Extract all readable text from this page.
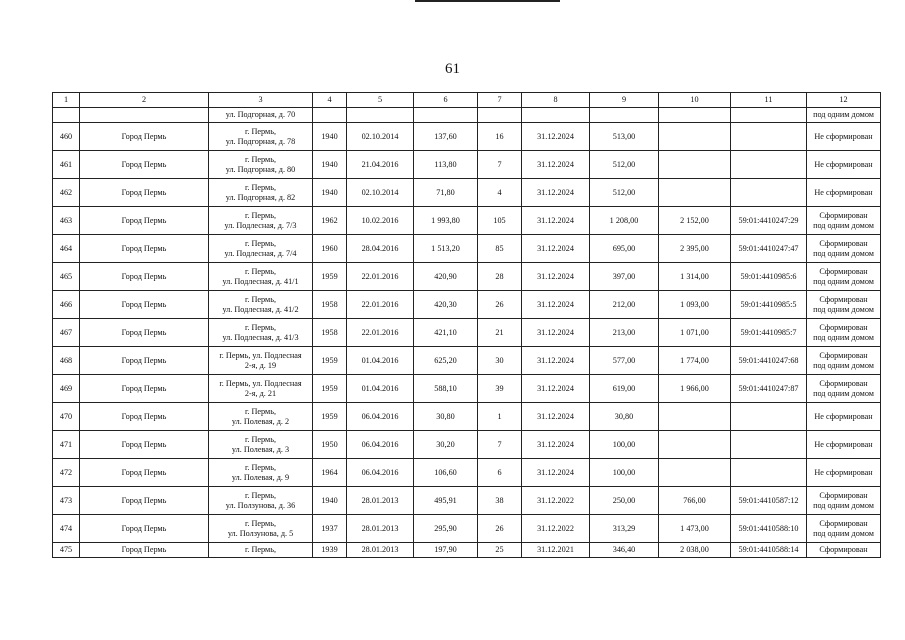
61
1	2	3	4	5	6	7	8	9	10	11	12
		ул. Подгорная, д. 70									под одним домом
460	Город Пермь	г. Пермь,
ул. Подгорная, д. 78	1940	02.10.2014	137,60	16	31.12.2024	513,00			Не сформирован

461	Город Пермь	г. Пермь,
ул. Подгорная, д. 80	1940	21.04.2016	113,80	7	31.12.2024	512,00			Не сформирован

462	Город Пермь	г. Пермь,
ул. Подгорная, д. 82	1940	02.10.2014	71,80	4	31.12.2024	512,00			Не сформирован

463	Город Пермь	г. Пермь,
ул. Подлесная, д. 7/3	1962	10.02.2016	1 993,80	105	31.12.2024	1 208,00	2 152,00	59:01:4410247:29	Сформирован
под одним домом

464	Город Пермь	г. Пермь,
ул. Подлесная, д. 7/4	1960	28.04.2016	1 513,20	85	31.12.2024	695,00	2 395,00	59:01:4410247:47	Сформирован
под одним домом

465	Город Пермь	г. Пермь,
ул. Подлесная, д. 41/1	1959	22.01.2016	420,90	28	31.12.2024	397,00	1 314,00	59:01:4410985:6	Сформирован
под одним домом

466	Город Пермь	г. Пермь,
ул. Подлесная, д. 41/2	1958	22.01.2016	420,30	26	31.12.2024	212,00	1 093,00	59:01:4410985:5	Сформирован
под одним домом

467	Город Пермь	г. Пермь,
ул. Подлесная, д. 41/3	1958	22.01.2016	421,10	21	31.12.2024	213,00	1 071,00	59:01:4410985:7	Сформирован
под одним домом

468	Город Пермь	г. Пермь, ул. Подлесная
2-я, д. 19	1959	01.04.2016	625,20	30	31.12.2024	577,00	1 774,00	59:01:4410247:68	Сформирован
под одним домом

469	Город Пермь	г. Пермь, ул. Подлесная
2-я, д. 21	1959	01.04.2016	588,10	39	31.12.2024	619,00	1 966,00	59:01:4410247:87	Сформирован
под одним домом

470	Город Пермь	г. Пермь,
ул. Полевая, д. 2	1959	06.04.2016	30,80	1	31.12.2024	30,80			Не сформирован

471	Город Пермь	г. Пермь,
ул. Полевая, д. 3	1950	06.04.2016	30,20	7	31.12.2024	100,00			Не сформирован

472	Город Пермь	г. Пермь,
ул. Полевая, д. 9	1964	06.04.2016	106,60	6	31.12.2024	100,00			Не сформирован

473	Город Пермь	г. Пермь,
ул. Ползунова, д. 36	1940	28.01.2013	495,91	38	31.12.2022	250,00	766,00	59:01:4410587:12	Сформирован
под одним домом

474	Город Пермь	г. Пермь,
ул. Ползунова, д. 5	1937	28.01.2013	295,90	26	31.12.2022	313,29	1 473,00	59:01:4410588:10	Сформирован
под одним домом

475	Город Пермь	г. Пермь,	1939	28.01.2013	197,90	25	31.12.2021	346,40	2 038,00	59:01:4410588:14	Сформирован
